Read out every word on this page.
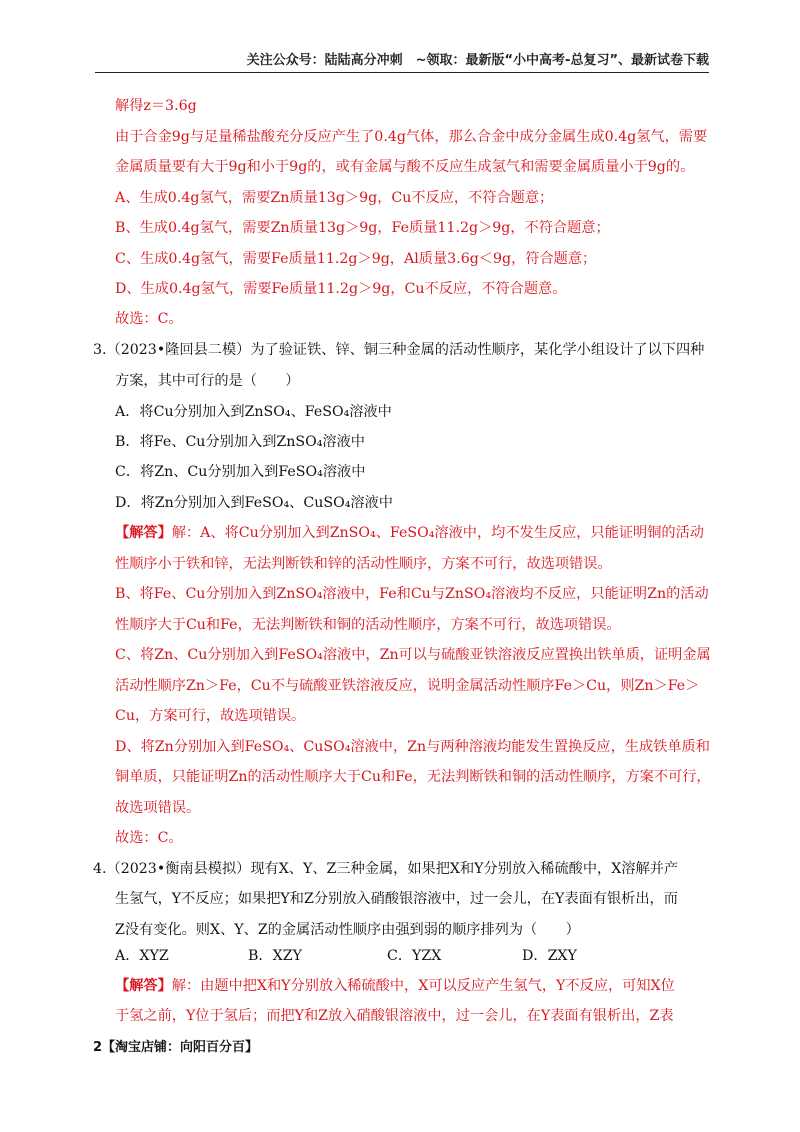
关注公众号：陆陆高分冲刺　~领取：最新版“小中高考-总复习”、最新试卷下载
解得z＝3.6g
由于合金9g与足量稀盐酸充分反应产生了0.4g气体，那么合金中成分金属生成0.4g氢气，需要
金属质量要有大于9g和小于9g的，或有金属与酸不反应生成氢气和需要金属质量小于9g的。
A、生成0.4g氢气，需要Zn质量13g＞9g，Cu不反应，不符合题意；
B、生成0.4g氢气，需要Zn质量13g＞9g，Fe质量11.2g＞9g，不符合题意；
C、生成0.4g氢气，需要Fe质量11.2g＞9g，Al质量3.6g＜9g，符合题意；
D、生成0.4g氢气，需要Fe质量11.2g＞9g，Cu不反应，不符合题意。
故选：C。
3.（2023•隆回县二模）为了验证铁、锌、铜三种金属的活动性顺序，某化学小组设计了以下四种
方案，其中可行的是（　　）
A．将Cu分别加入到ZnSO₄、FeSO₄溶液中
B．将Fe、Cu分别加入到ZnSO₄溶液中
C．将Zn、Cu分别加入到FeSO₄溶液中
D．将Zn分别加入到FeSO₄、CuSO₄溶液中
【解答】解：A、将Cu分别加入到ZnSO₄、FeSO₄溶液中，均不发生反应，只能证明铜的活动
性顺序小于铁和锌，无法判断铁和锌的活动性顺序，方案不可行，故选项错误。
B、将Fe、Cu分别加入到ZnSO₄溶液中，Fe和Cu与ZnSO₄溶液均不反应，只能证明Zn的活动
性顺序大于Cu和Fe，无法判断铁和铜的活动性顺序，方案不可行，故选项错误。
C、将Zn、Cu分别加入到FeSO₄溶液中，Zn可以与硫酸亚铁溶液反应置换出铁单质，证明金属
活动性顺序Zn＞Fe，Cu不与硫酸亚铁溶液反应，说明金属活动性顺序Fe＞Cu，则Zn＞Fe＞
Cu，方案可行，故选项错误。
D、将Zn分别加入到FeSO₄、CuSO₄溶液中，Zn与两种溶液均能发生置换反应，生成铁单质和
铜单质，只能证明Zn的活动性顺序大于Cu和Fe，无法判断铁和铜的活动性顺序，方案不可行，
故选项错误。
故选：C。
4.（2023•衡南县模拟）现有X、Y、Z三种金属，如果把X和Y分别放入稀硫酸中，X溶解并产
生氢气，Y不反应；如果把Y和Z分别放入硝酸银溶液中，过一会儿，在Y表面有银析出，而
Z没有变化。则X、Y、Z的金属活动性顺序由强到弱的顺序排列为（　　）
A．XYZ	B．XZY	C．YZX	D．ZXY
【解答】解：由题中把X和Y分别放入稀硫酸中，X可以反应产生氢气，Y不反应，可知X位
于氢之前，Y位于氢后；而把Y和Z放入硝酸银溶液中，过一会儿，在Y表面有银析出，Z表
2【淘宝店铺：向阳百分百】
